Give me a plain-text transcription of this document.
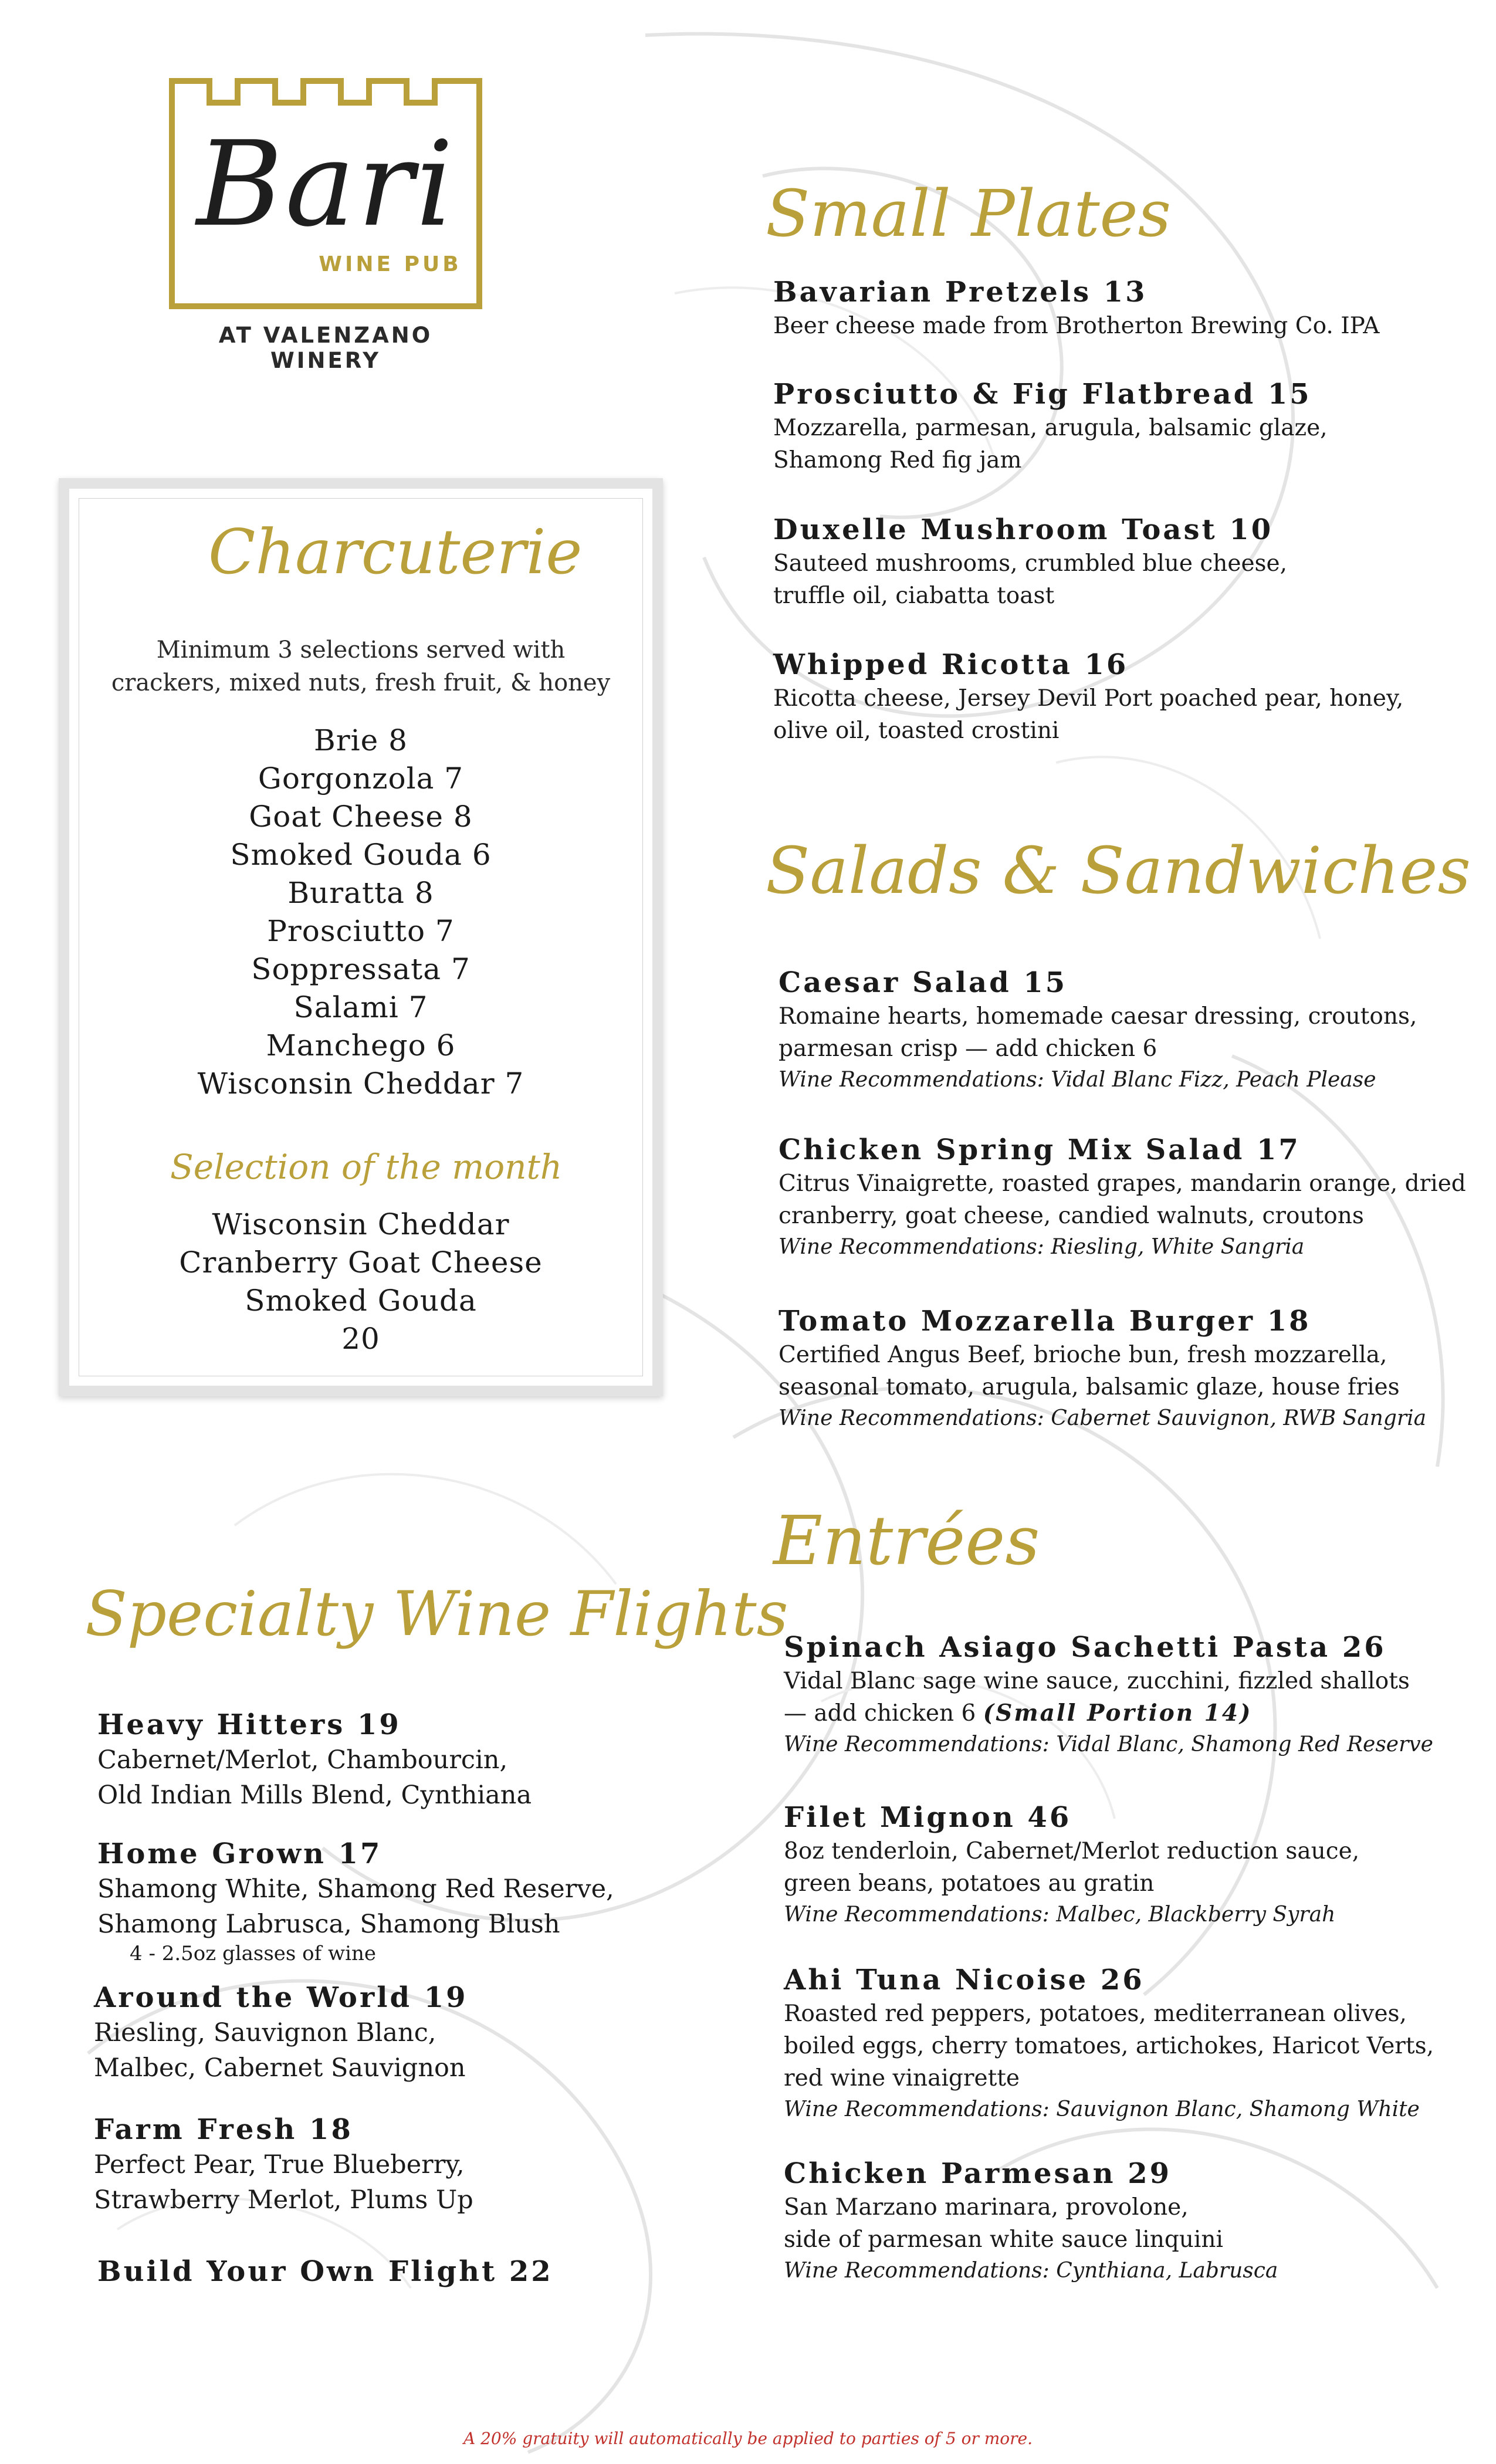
Bari
WINE PUB
AT VALENZANO WINERY
Charcuterie
Minimum 3 selections served with
crackers, mixed nuts, fresh fruit, & honey
Brie 8
Gorgonzola 7
Goat Cheese 8
Smoked Gouda 6
Buratta 8
Prosciutto 7
Soppressata 7
Salami 7
Manchego 6
Wisconsin Cheddar 7
Selection of the month
Wisconsin Cheddar
Cranberry Goat Cheese
Smoked Gouda
20
Small Plates
Bavarian Pretzels 13
Beer cheese made from Brotherton Brewing Co. IPA
Prosciutto & Fig Flatbread 15
Mozzarella, parmesan, arugula, balsamic glaze,
Shamong Red fig jam
Duxelle Mushroom Toast 10
Sauteed mushrooms, crumbled blue cheese,
truffle oil, ciabatta toast
Whipped Ricotta 16
Ricotta cheese, Jersey Devil Port poached pear, honey,
olive oil, toasted crostini
Salads & Sandwiches
Caesar Salad 15
Romaine hearts, homemade caesar dressing, croutons,
parmesan crisp — add chicken 6
Wine Recommendations: Vidal Blanc Fizz, Peach Please
Chicken Spring Mix Salad 17
Citrus Vinaigrette, roasted grapes, mandarin orange, dried
cranberry, goat cheese, candied walnuts, croutons
Wine Recommendations: Riesling, White Sangria
Tomato Mozzarella Burger 18
Certified Angus Beef, brioche bun, fresh mozzarella,
seasonal tomato, arugula, balsamic glaze, house fries
Wine Recommendations: Cabernet Sauvignon, RWB Sangria
Entrées
Spinach Asiago Sachetti Pasta 26
Vidal Blanc sage wine sauce, zucchini, fizzled shallots
— add chicken 6 (Small Portion 14)
Wine Recommendations: Vidal Blanc, Shamong Red Reserve
Filet Mignon 46
8oz tenderloin, Cabernet/Merlot reduction sauce,
green beans, potatoes au gratin
Wine Recommendations: Malbec, Blackberry Syrah
Ahi Tuna Nicoise 26
Roasted red peppers, potatoes, mediterranean olives,
boiled eggs, cherry tomatoes, artichokes, Haricot Verts,
red wine vinaigrette
Wine Recommendations: Sauvignon Blanc, Shamong White
Chicken Parmesan 29
San Marzano marinara, provolone,
side of parmesan white sauce linquini
Wine Recommendations: Cynthiana, Labrusca
Specialty Wine Flights
Heavy Hitters 19
Cabernet/Merlot, Chambourcin,
Old Indian Mills Blend, Cynthiana
Home Grown 17
Shamong White, Shamong Red Reserve,
Shamong Labrusca, Shamong Blush
4 - 2.5oz glasses of wine
Around the World 19
Riesling, Sauvignon Blanc,
Malbec, Cabernet Sauvignon
Farm Fresh 18
Perfect Pear, True Blueberry,
Strawberry Merlot, Plums Up
Build Your Own Flight 22
A 20% gratuity will automatically be applied to parties of 5 or more.
